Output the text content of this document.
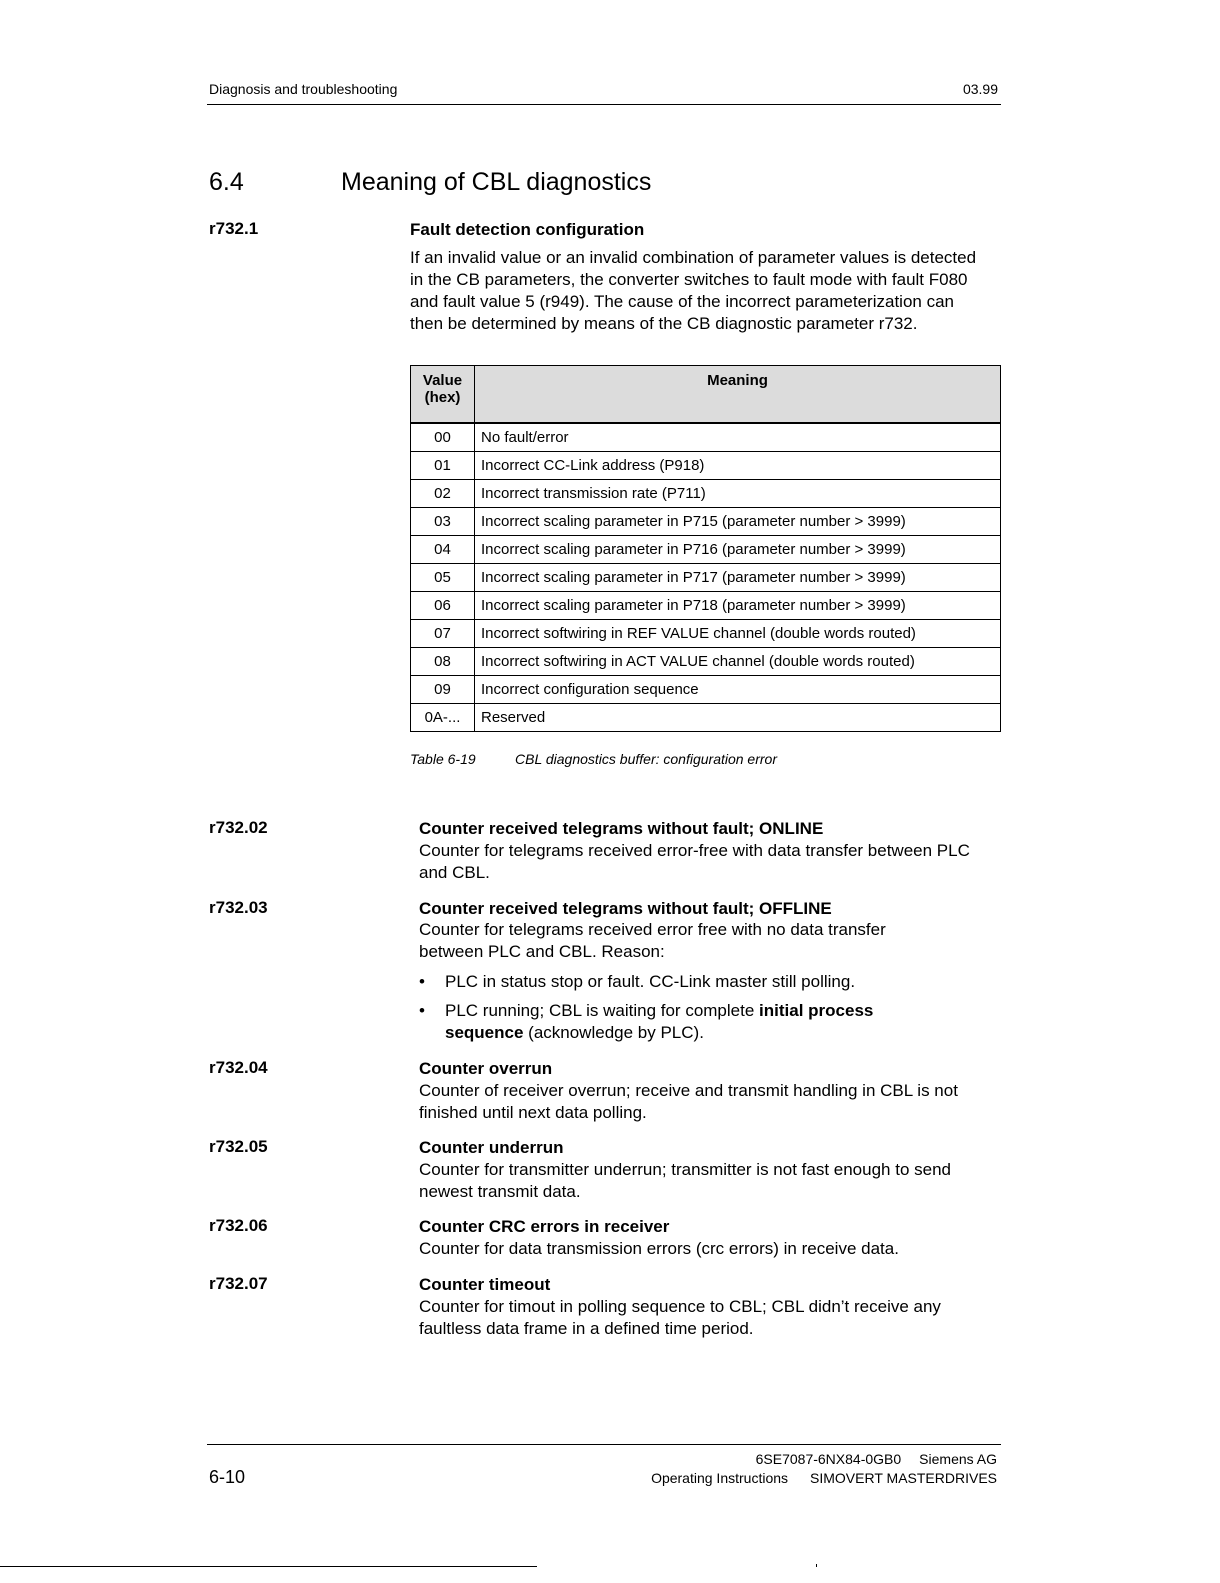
Diagnosis and troubleshooting	03.99
6.4	Meaning of CBL diagnostics
r732.1	Fault detection configuration
If an invalid value or an invalid combination of parameter values is detected in the CB parameters, the converter switches to fault mode with fault F080 and fault value 5 (r949). The cause of the incorrect parameterization can then be determined by means of the CB diagnostic parameter r732.
Value (hex)	Meaning

00	No fault/error
01	Incorrect CC-Link address (P918)
02	Incorrect transmission rate (P711)
03	Incorrect scaling parameter in P715 (parameter number > 3999)
04	Incorrect scaling parameter in P716 (parameter number > 3999)
05	Incorrect scaling parameter in P717 (parameter number > 3999)
06	Incorrect scaling parameter in P718 (parameter number > 3999)
07	Incorrect softwiring in REF VALUE channel (double words routed)
08	Incorrect softwiring in ACT VALUE channel (double words routed)
09	Incorrect configuration sequence
0A-...	Reserved
Table 6-19	CBL diagnostics buffer: configuration error
r732.02	Counter received telegrams without fault; ONLINE
Counter for telegrams received error-free with data transfer between PLC and CBL.
r732.03	Counter received telegrams without fault; OFFLINE
Counter for telegrams received error free with no data transfer between PLC and CBL. Reason:
• PLC in status stop or fault. CC-Link master still polling.
• PLC running; CBL is waiting for complete initial process sequence (acknowledge by PLC).
r732.04	Counter overrun
Counter of receiver overrun; receive and transmit handling in CBL is not finished until next data polling.
r732.05	Counter underrun
Counter for transmitter underrun; transmitter is not fast enough to send newest transmit data.
r732.06	Counter CRC errors in receiver
Counter for data transmission errors (crc errors) in receive data.
r732.07	Counter timeout
Counter for timout in polling sequence to CBL; CBL didn’t receive any faultless data frame in a defined time period.
6SE7087-6NX84-0GB0 Siemens AG
Operating Instructions SIMOVERT MASTERDRIVES
6-10
